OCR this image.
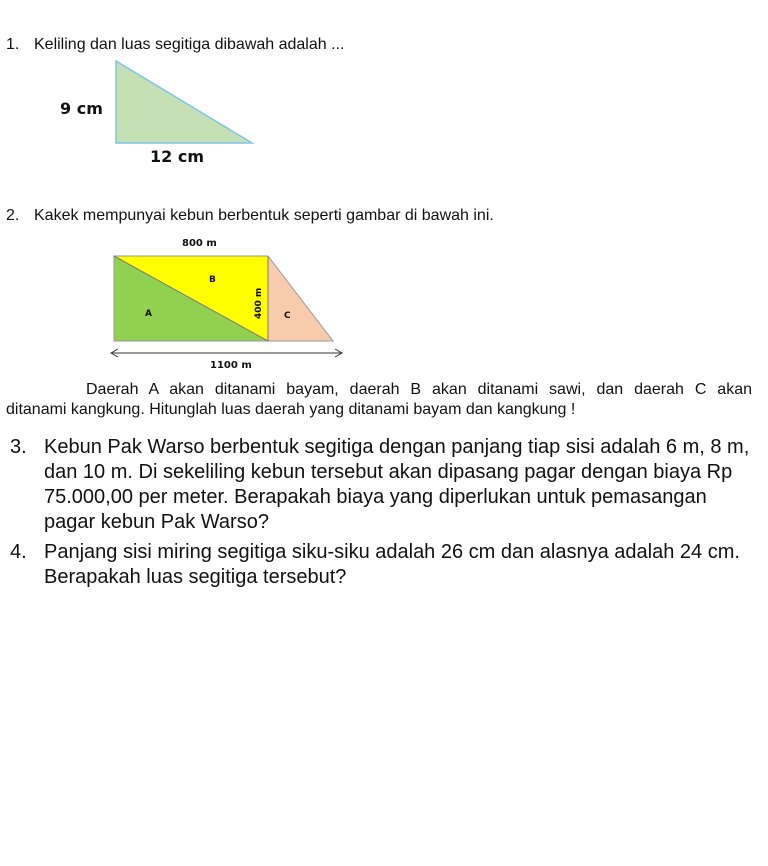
1. Keliling dan luas segitiga dibawah adalah ...
9 cm
12 cm
2. Kakek mempunyai kebun berbentuk seperti gambar di bawah ini.
800 m
B
A	C
400 m
1100 m
Daerah A akan ditanami bayam, daerah B akan ditanami sawi, dan daerah C akan
ditanami kangkung. Hitunglah luas daerah yang ditanami bayam dan kangkung !
3. Kebun Pak Warso berbentuk segitiga dengan panjang tiap sisi adalah 6 m, 8 m, dan 10 m. Di sekeliling kebun tersebut akan dipasang pagar dengan biaya Rp 75.000,00 per meter. Berapakah biaya yang diperlukan untuk pemasangan pagar kebun Pak Warso?
4. Panjang sisi miring segitiga siku-siku adalah 26 cm dan alasnya adalah 24 cm. Berapakah luas segitiga tersebut?
